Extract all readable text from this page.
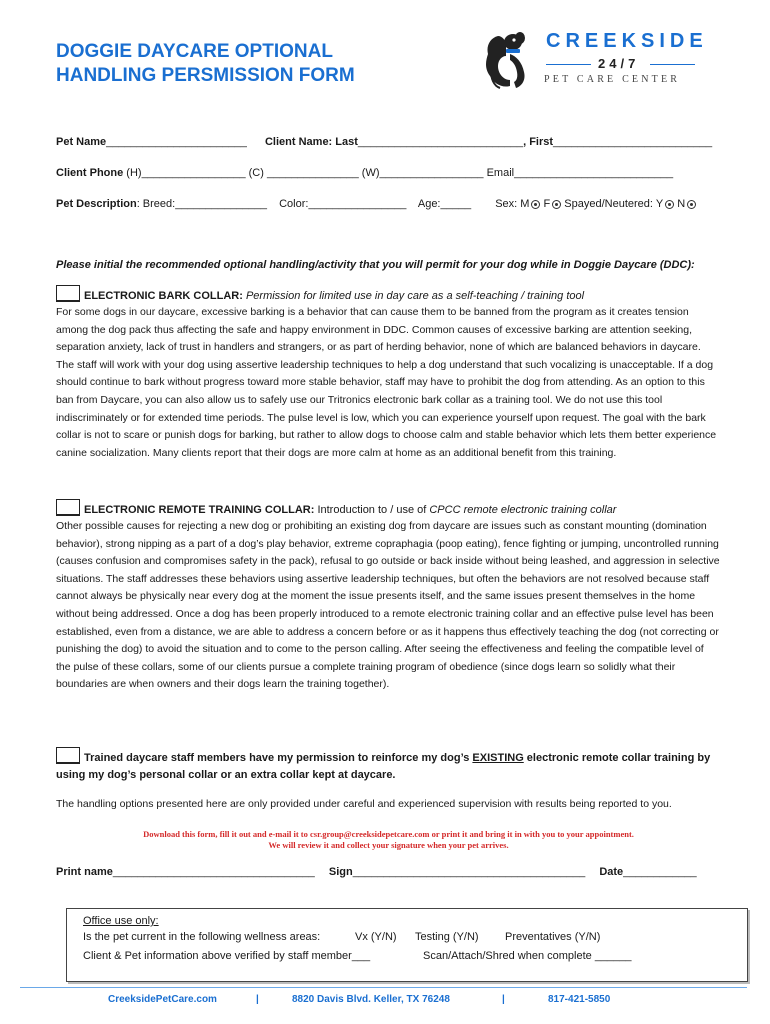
DOGGIE DAYCARE OPTIONAL
HANDLING PERSMISSION FORM
CREEKSIDE
24/7
PET CARE CENTER
Pet Name_______________________ Client Name: Last___________________________, First__________________________
Client Phone (H)_________________ (C) _______________ (W)_________________ Email__________________________
Pet Description: Breed:_______________  Color:________________  Age:_____ Sex: M F Spayed/Neutered: Y N
Please initial the recommended optional handling/activity that you will permit for your dog while in Doggie Daycare (DDC):
ELECTRONIC BARK COLLAR: Permission for limited use in day care as a self-teaching / training tool
For some dogs in our daycare, excessive barking is a behavior that can cause them to be banned from the program as it creates tension among the dog pack thus affecting the safe and happy environment in DDC. Common causes of excessive barking are attention seeking, separation anxiety, lack of trust in handlers and strangers, or as part of herding behavior, none of which are balanced behaviors in daycare. The staff will work with your dog using assertive leadership techniques to help a dog understand that such vocalizing is unacceptable. If a dog should continue to bark without progress toward more stable behavior, staff may have to prohibit the dog from attending. As an option to this ban from Daycare, you can also allow us to safely use our Tritronics electronic bark collar as a training tool. We do not use this tool indiscriminately or for extended time periods. The pulse level is low, which you can experience yourself upon request. The goal with the bark collar is not to scare or punish dogs for barking, but rather to allow dogs to choose calm and stable behavior which lets them better experience canine socialization. Many clients report that their dogs are more calm at home as an additional benefit from this training.
ELECTRONIC REMOTE TRAINING COLLAR: Introduction to / use of CPCC remote electronic training collar
Other possible causes for rejecting a new dog or prohibiting an existing dog from daycare are issues such as constant mounting (domination behavior), strong nipping as a part of a dog’s play behavior, extreme copraphagia (poop eating), fence fighting or jumping, uncontrolled running (causes confusion and compromises safety in the pack), refusal to go outside or back inside without being leashed, and aggression in selective situations. The staff addresses these behaviors using assertive leadership techniques, but often the behaviors are not resolved because staff cannot always be physically near every dog at the moment the issue presents itself, and the same issues present themselves in the home without being addressed. Once a dog has been properly introduced to a remote electronic training collar and an effective pulse level has been established, even from a distance, we are able to address a concern before or as it happens thus effectively teaching the dog (not correcting or punishing the dog) to avoid the situation and to come to the person calling. After seeing the effectiveness and feeling the compatible level of the pulse of these collars, some of our clients pursue a complete training program of obedience (since dogs learn so solidly what their boundaries are when owners and their dogs learn the training together).
Trained daycare staff members have my permission to reinforce my dog’s EXISTING electronic remote collar training by using my dog’s personal collar or an extra collar kept at daycare.
The handling options presented here are only provided under careful and experienced supervision with results being reported to you.
Download this form, fill it out and e-mail it to csr.group@creeksidepetcare.com or print it and bring it in with you to your appointment.
We will review it and collect your signature when your pet arrives.
Print name_________________________________ Sign______________________________________ Date____________
Office use only:
Is the pet current in the following wellness areas:	Vx (Y/N) Testing (Y/N) Preventatives (Y/N)
Client & Pet information above verified by staff member___	Scan/Attach/Shred when complete ______
CreeksidePetCare.com	|	8820 Davis Blvd. Keller, TX 76248	|	817-421-5850
